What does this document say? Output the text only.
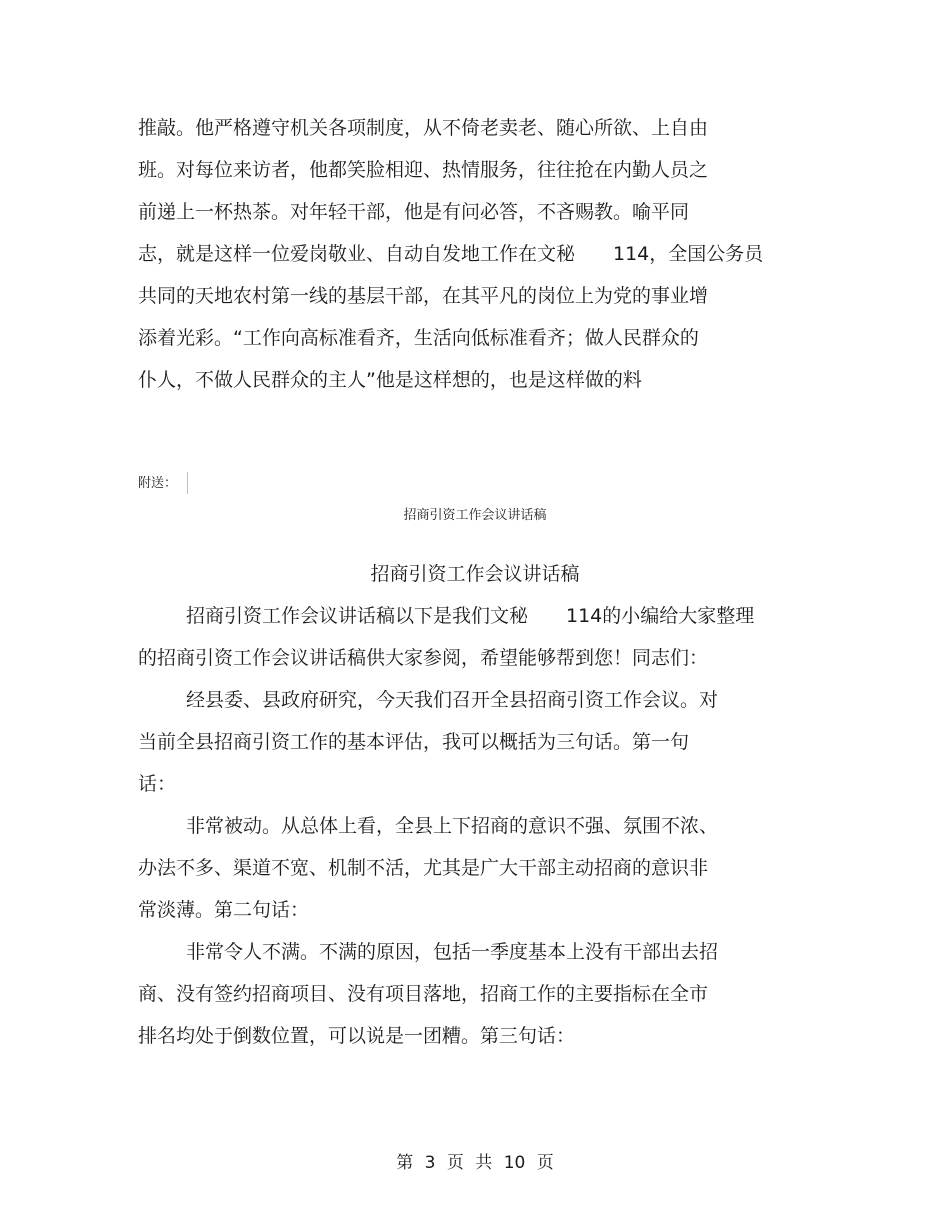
推敲。他严格遵守机关各项制度，从不倚老卖老、随心所欲、上自由
班。对每位来访者，他都笑脸相迎、热情服务，往往抢在内勤人员之
前递上一杯热茶。对年轻干部，他是有问必答，不吝赐教。喻平同
志，就是这样一位爱岗敬业、自动自发地工作在文秘　　114，全国公务员
共同的天地农村第一线的基层干部，在其平凡的岗位上为党的事业增
添着光彩。“工作向高标准看齐，生活向低标准看齐；做人民群众的
仆人，不做人民群众的主人”他是这样想的，也是这样做的料
附送：
招商引资工作会议讲话稿
招商引资工作会议讲话稿
招商引资工作会议讲话稿以下是我们文秘　　114的小编给大家整理
的招商引资工作会议讲话稿供大家参阅，希望能够帮到您！同志们：
经县委、县政府研究，今天我们召开全县招商引资工作会议。对
当前全县招商引资工作的基本评估，我可以概括为三句话。第一句
话：
非常被动。从总体上看，全县上下招商的意识不强、氛围不浓、
办法不多、渠道不宽、机制不活，尤其是广大干部主动招商的意识非
常淡薄。第二句话：
非常令人不满。不满的原因，包括一季度基本上没有干部出去招
商、没有签约招商项目、没有项目落地，招商工作的主要指标在全市
排名均处于倒数位置，可以说是一团糟。第三句话：
第 3 页 共 10 页
